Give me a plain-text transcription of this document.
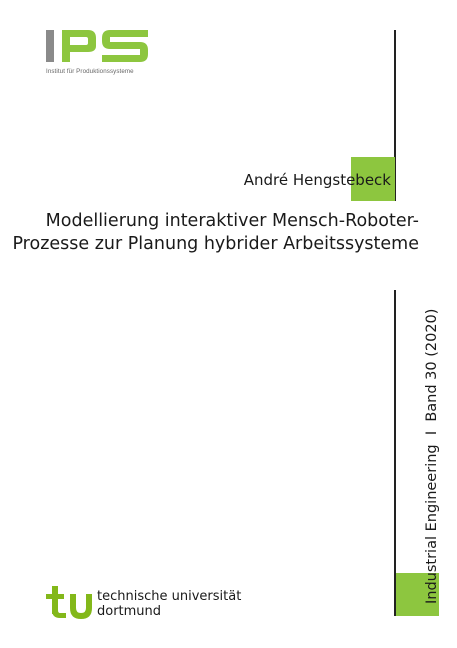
Institut für Produktionssysteme
André Hengstebeck
Modellierung interaktiver Mensch-Roboter-
Prozesse zur Planung hybrider Arbeitssysteme
Industrial Engineering  I  Band 30 (2020)
technische universität
dortmund
